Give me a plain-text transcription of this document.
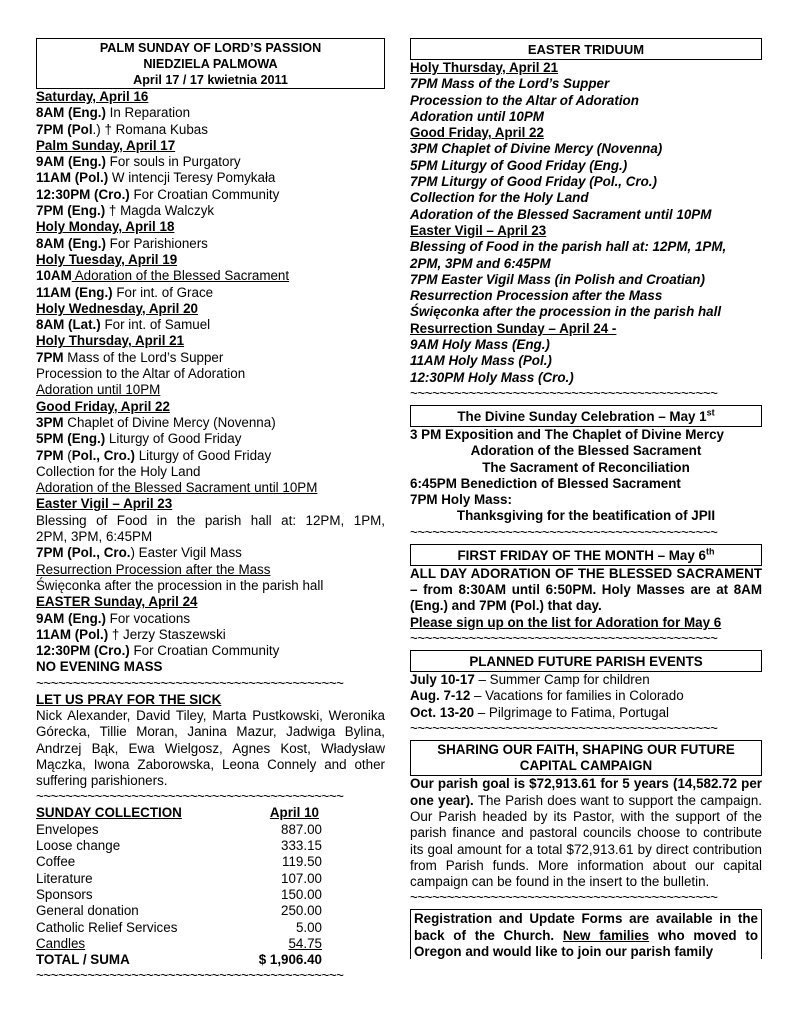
PALM SUNDAY OF LORD’S PASSION
NIEDZIELA PALMOWA
April 17 / 17 kwietnia 2011
Saturday, April 16
8AM (Eng.) In Reparation
7PM (Pol.) † Romana Kubas
Palm Sunday, April 17
9AM (Eng.) For souls in Purgatory
11AM (Pol.) W intencji Teresy Pomykała
12:30PM (Cro.) For Croatian Community
7PM (Eng.) † Magda Walczyk
Holy Monday, April 18
8AM (Eng.) For Parishioners
Holy Tuesday, April 19
10AM Adoration of the Blessed Sacrament
11AM (Eng.) For int. of Grace
Holy Wednesday, April 20
8AM (Lat.) For int. of Samuel
Holy Thursday, April 21
7PM Mass of the Lord’s Supper
Procession to the Altar of Adoration
Adoration until 10PM
Good Friday, April 22
3PM Chaplet of Divine Mercy (Novenna)
5PM (Eng.) Liturgy of Good Friday
7PM (Pol., Cro.) Liturgy of Good Friday
Collection for the Holy Land
Adoration of the Blessed Sacrament until 10PM
Easter Vigil – April 23
Blessing of Food in the parish hall at: 12PM, 1PM,
2PM, 3PM, 6:45PM
7PM (Pol., Cro.) Easter Vigil Mass
Resurrection Procession after the Mass
Święconka after the procession in the parish hall
EASTER Sunday, April 24
9AM (Eng.) For vocations
11AM (Pol.) † Jerzy Staszewski
12:30PM (Cro.) For Croatian Community
NO EVENING MASS
~~~~~~~~~~~~~~~~~~~~~~~~~~~~~~~~~~~~~~~~~~
LET US PRAY FOR THE SICK
Nick Alexander, David Tiley, Marta Pustkowski, Weronika Górecka, Tillie Moran, Janina Mazur, Jadwiga Bylina, Andrzej Bąk, Ewa Wielgosz, Agnes Kost, Władysław Mączka, Iwona Zaborowska, Leona Connely and other suffering parishioners.
~~~~~~~~~~~~~~~~~~~~~~~~~~~~~~~~~~~~~~~~~~
SUNDAY COLLECTION	April 10
Envelopes	887.00
Loose change	333.15
Coffee	119.50
Literature	107.00
Sponsors	150.00
General donation	250.00
Catholic Relief Services	5.00
Candles	54.75
TOTAL / SUMA	$ 1,906.40
~~~~~~~~~~~~~~~~~~~~~~~~~~~~~~~~~~~~~~~~~~
EASTER TRIDUUM
Holy Thursday, April 21
7PM Mass of the Lord’s Supper
Procession to the Altar of Adoration
Adoration until 10PM
Good Friday, April 22
3PM Chaplet of Divine Mercy (Novenna)
5PM Liturgy of Good Friday (Eng.)
7PM Liturgy of Good Friday (Pol., Cro.)
Collection for the Holy Land
Adoration of the Blessed Sacrament until 10PM
Easter Vigil – April 23
Blessing of Food in the parish hall at: 12PM, 1PM,
2PM, 3PM and 6:45PM
7PM Easter Vigil Mass (in Polish and Croatian)
Resurrection Procession after the Mass
Święconka after the procession in the parish hall
Resurrection Sunday – April 24 -
9AM Holy Mass (Eng.)
11AM Holy Mass (Pol.)
12:30PM Holy Mass (Cro.)
~~~~~~~~~~~~~~~~~~~~~~~~~~~~~~~~~~~~~~~~~~
The Divine Sunday Celebration – May 1st
3 PM Exposition and The Chaplet of Divine Mercy
Adoration of the Blessed Sacrament
The Sacrament of Reconciliation
6:45PM Benediction of Blessed Sacrament
7PM Holy Mass:
Thanksgiving for the beatification of JPII
~~~~~~~~~~~~~~~~~~~~~~~~~~~~~~~~~~~~~~~~~~
FIRST FRIDAY OF THE MONTH – May 6th
ALL DAY ADORATION OF THE BLESSED SACRAMENT – from 8:30AM until 6:50PM. Holy Masses are at 8AM (Eng.) and 7PM (Pol.) that day.
Please sign up on the list for Adoration for May 6
~~~~~~~~~~~~~~~~~~~~~~~~~~~~~~~~~~~~~~~~~~
PLANNED FUTURE PARISH EVENTS
July 10-17 – Summer Camp for children
Aug. 7-12 – Vacations for families in Colorado
Oct. 13-20 – Pilgrimage to Fatima, Portugal
~~~~~~~~~~~~~~~~~~~~~~~~~~~~~~~~~~~~~~~~~~
SHARING OUR FAITH, SHAPING OUR FUTURE
CAPITAL CAMPAIGN
Our parish goal is $72,913.61 for 5 years (14,582.72 per one year). The Parish does want to support the campaign. Our Parish headed by its Pastor, with the support of the parish finance and pastoral councils choose to contribute its goal amount for a total $72,913.61 by direct contribution from Parish funds. More information about our capital campaign can be found in the insert to the bulletin.
~~~~~~~~~~~~~~~~~~~~~~~~~~~~~~~~~~~~~~~~~~
Registration and Update Forms are available in the back of the Church. New families who moved to Oregon and would like to join our parish family
